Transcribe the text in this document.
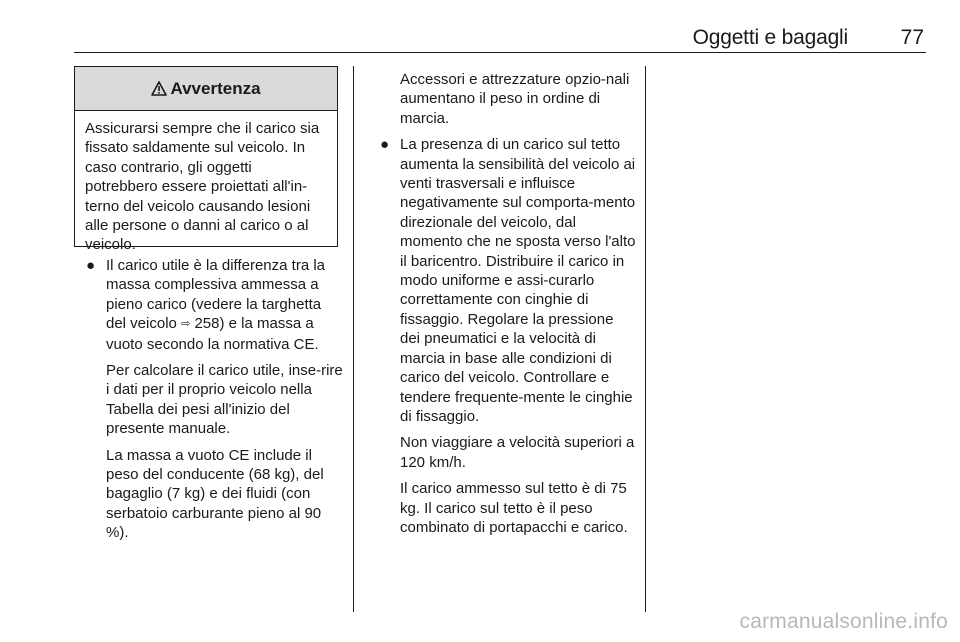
Oggetti e bagagli	77
Avvertenza
Assicurarsi sempre che il carico sia fissato saldamente sul veicolo. In caso contrario, gli oggetti potrebbero essere proiettati all'in-terno del veicolo causando lesioni alle persone o danni al carico o al veicolo.
● Il carico utile è la differenza tra la massa complessiva ammessa a pieno carico (vedere la targhetta del veicolo ⇨ 258) e la massa a vuoto secondo la normativa CE.

Per calcolare il carico utile, inse-rire i dati per il proprio veicolo nella Tabella dei pesi all'inizio del presente manuale.

La massa a vuoto CE include il peso del conducente (68 kg), del bagaglio (7 kg) e dei fluidi (con serbatoio carburante pieno al 90 %).

Accessori e attrezzature opzio-nali aumentano il peso in ordine di marcia.

● La presenza di un carico sul tetto aumenta la sensibilità del veicolo ai venti trasversali e influisce negativamente sul comporta-mento direzionale del veicolo, dal momento che ne sposta verso l'alto il baricentro. Distribuire il carico in modo uniforme e assi-curarlo correttamente con cinghie di fissaggio. Regolare la pressione dei pneumatici e la velocità di marcia in base alle condizioni di carico del veicolo. Controllare e tendere frequente-mente le cinghie di fissaggio.

Non viaggiare a velocità superiori a 120 km/h.

Il carico ammesso sul tetto è di 75 kg. Il carico sul tetto è il peso combinato di portapacchi e carico.

carmanualsonline.info
